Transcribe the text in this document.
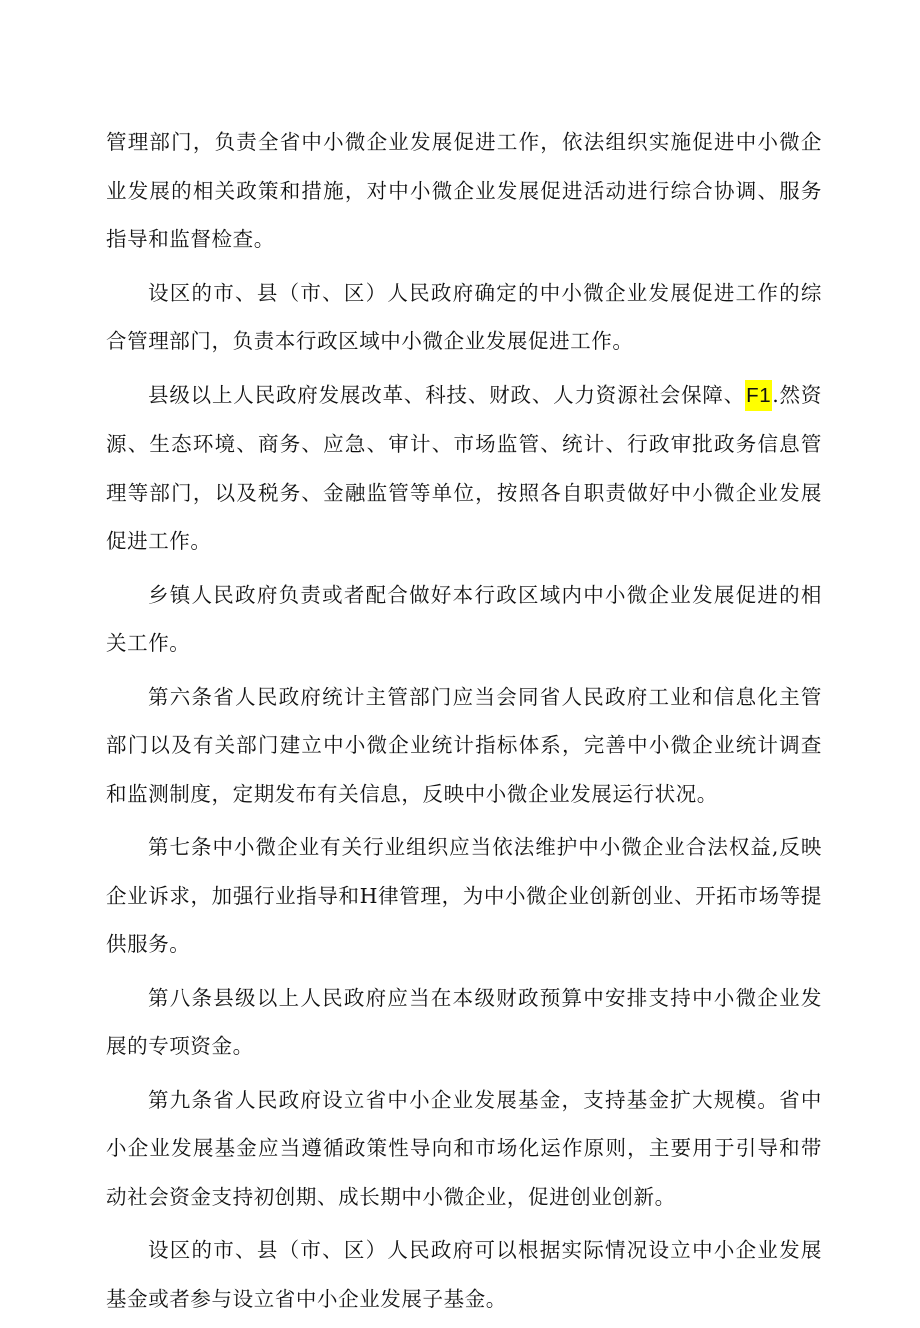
管理部门，负责全省中小微企业发展促进工作，依法组织实施促进中小微企业发展的相关政策和措施，对中小微企业发展促进活动进行综合协调、服务指导和监督检查。

设区的市、县（市、区）人民政府确定的中小微企业发展促进工作的综合管理部门，负责本行政区域中小微企业发展促进工作。

县级以上人民政府发展改革、科技、财政、人力资源社会保障、F1.然资源、生态环境、商务、应急、审计、市场监管、统计、行政审批政务信息管理等部门，以及税务、金融监管等单位，按照各自职责做好中小微企业发展促进工作。

乡镇人民政府负责或者配合做好本行政区域内中小微企业发展促进的相关工作。

第六条省人民政府统计主管部门应当会同省人民政府工业和信息化主管部门以及有关部门建立中小微企业统计指标体系，完善中小微企业统计调查和监测制度，定期发布有关信息，反映中小微企业发展运行状况。

第七条中小微企业有关行业组织应当依法维护中小微企业合法权益,反映企业诉求，加强行业指导和H律管理，为中小微企业创新创业、开拓市场等提供服务。

第八条县级以上人民政府应当在本级财政预算中安排支持中小微企业发展的专项资金。

第九条省人民政府设立省中小企业发展基金，支持基金扩大规模。省中小企业发展基金应当遵循政策性导向和市场化运作原则，主要用于引导和带动社会资金支持初创期、成长期中小微企业，促进创业创新。

设区的市、县（市、区）人民政府可以根据实际情况设立中小企业发展基金或者参与设立省中小企业发展子基金。
